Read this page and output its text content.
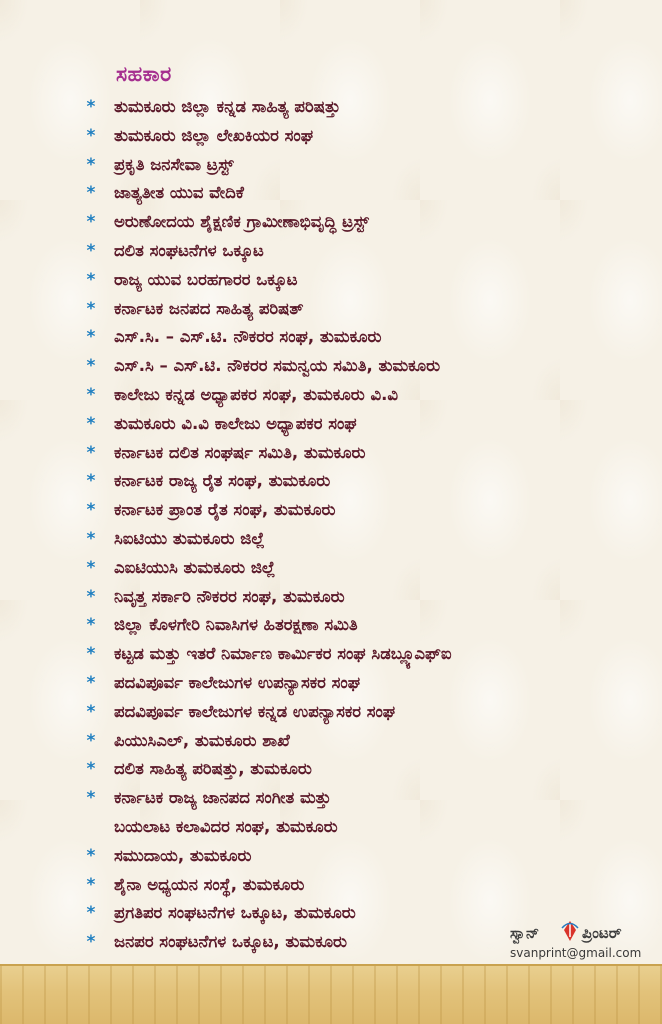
ಸಹಕಾರ
* ತುಮಕೂರು ಜಿಲ್ಲಾ ಕನ್ನಡ ಸಾಹಿತ್ಯ ಪರಿಷತ್ತು
* ತುಮಕೂರು ಜಿಲ್ಲಾ ಲೇಖಕಿಯರ ಸಂಘ
* ಪ್ರಕೃತಿ ಜನಸೇವಾ ಟ್ರಸ್ಟ್
* ಜಾತ್ಯತೀತ ಯುವ ವೇದಿಕೆ
* ಅರುಣೋದಯ ಶೈಕ್ಷಣಿಕ ಗ್ರಾಮೀಣಾಭಿವೃದ್ಧಿ ಟ್ರಸ್ಟ್
* ದಲಿತ ಸಂಘಟನೆಗಳ ಒಕ್ಕೂಟ
* ರಾಜ್ಯ ಯುವ ಬರಹಗಾರರ ಒಕ್ಕೂಟ
* ಕರ್ನಾಟಕ ಜನಪದ ಸಾಹಿತ್ಯ ಪರಿಷತ್
* ಎಸ್.ಸಿ. – ಎಸ್.ಟಿ. ನೌಕರರ ಸಂಘ, ತುಮಕೂರು
* ಎಸ್.ಸಿ – ಎಸ್.ಟಿ. ನೌಕರರ ಸಮನ್ವಯ ಸಮಿತಿ, ತುಮಕೂರು
* ಕಾಲೇಜು ಕನ್ನಡ ಅಧ್ಯಾಪಕರ ಸಂಘ, ತುಮಕೂರು ವಿ.ವಿ
* ತುಮಕೂರು ವಿ.ವಿ ಕಾಲೇಜು ಅಧ್ಯಾಪಕರ ಸಂಘ
* ಕರ್ನಾಟಕ ದಲಿತ ಸಂಘರ್ಷ ಸಮಿತಿ, ತುಮಕೂರು
* ಕರ್ನಾಟಕ ರಾಜ್ಯ ರೈತ ಸಂಘ, ತುಮಕೂರು
* ಕರ್ನಾಟಕ ಪ್ರಾಂತ ರೈತ ಸಂಘ, ತುಮಕೂರು
* ಸಿಐಟಿಯು ತುಮಕೂರು ಜಿಲ್ಲೆ
* ಎಐಟಿಯುಸಿ ತುಮಕೂರು ಜಿಲ್ಲೆ
* ನಿವೃತ್ತ ಸರ್ಕಾರಿ ನೌಕರರ ಸಂಘ, ತುಮಕೂರು
* ಜಿಲ್ಲಾ ಕೊಳಗೇರಿ ನಿವಾಸಿಗಳ ಹಿತರಕ್ಷಣಾ ಸಮಿತಿ
* ಕಟ್ಟಡ ಮತ್ತು ಇತರೆ ನಿರ್ಮಾಣ ಕಾರ್ಮಿಕರ ಸಂಘ ಸಿಡಬ್ಲ್ಯೂಎಫ್ಐ
* ಪದವಿಪೂರ್ವ ಕಾಲೇಜುಗಳ ಉಪನ್ಯಾಸಕರ ಸಂಘ
* ಪದವಿಪೂರ್ವ ಕಾಲೇಜುಗಳ ಕನ್ನಡ ಉಪನ್ಯಾಸಕರ ಸಂಘ
* ಪಿಯುಸಿಎಲ್, ತುಮಕೂರು ಶಾಖೆ
* ದಲಿತ ಸಾಹಿತ್ಯ ಪರಿಷತ್ತು, ತುಮಕೂರು
* ಕರ್ನಾಟಕ ರಾಜ್ಯ ಜಾನಪದ ಸಂಗೀತ ಮತ್ತು
ಬಯಲಾಟ ಕಲಾವಿದರ ಸಂಘ, ತುಮಕೂರು
* ಸಮುದಾಯ, ತುಮಕೂರು
* ಶೈನಾ ಅಧ್ಯಯನ ಸಂಸ್ಥೆ, ತುಮಕೂರು
* ಪ್ರಗತಿಪರ ಸಂಘಟನೆಗಳ ಒಕ್ಕೂಟ, ತುಮಕೂರು
* ಜನಪರ ಸಂಘಟನೆಗಳ ಒಕ್ಕೂಟ, ತುಮಕೂರು	ಸ್ವಾನ್	ಪ್ರಿಂಟರ್
svanprint@gmail.com
